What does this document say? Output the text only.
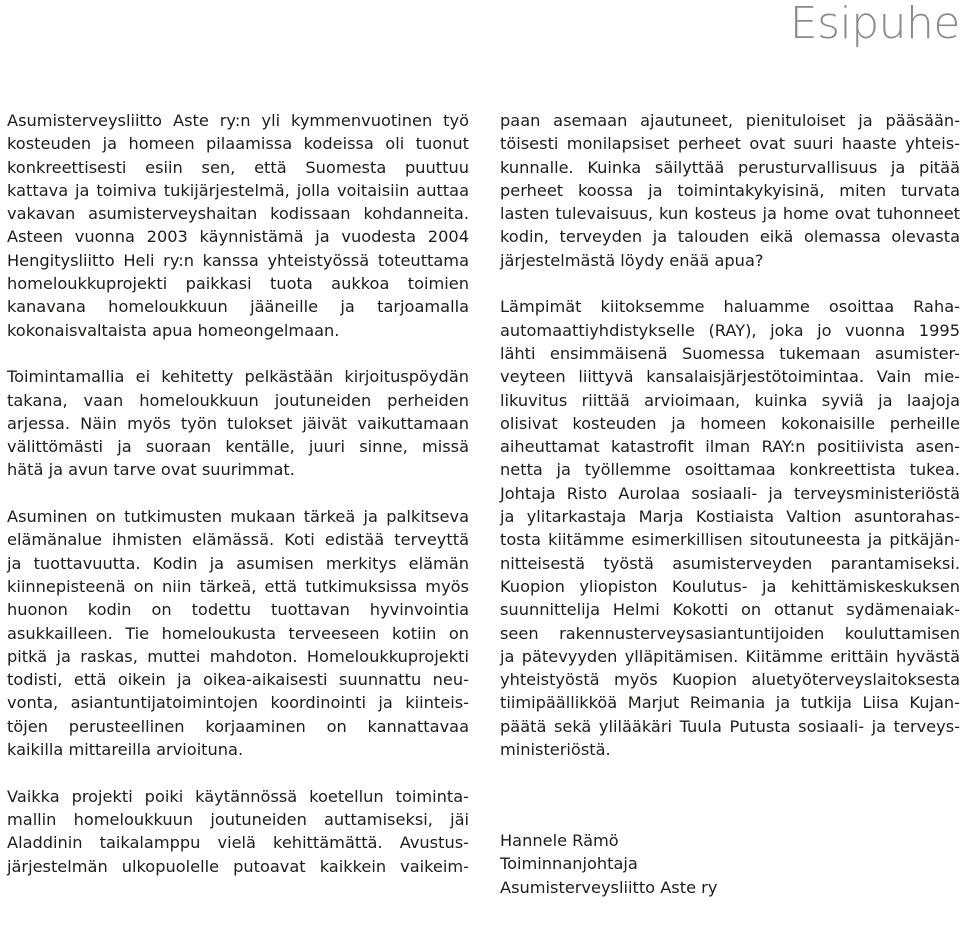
Esipuhe
Asumisterveysliitto Aste ry:n yli kymmenvuotinen työ
kosteuden ja homeen pilaamissa kodeissa oli tuonut
konkreettisesti esiin sen, että Suomesta puuttuu
kattava ja toimiva tukijärjestelmä, jolla voitaisiin auttaa
vakavan asumisterveyshaitan kodissaan kohdanneita.
Asteen vuonna 2003 käynnistämä ja vuodesta 2004
Hengitysliitto Heli ry:n kanssa yhteistyössä toteuttama
homeloukkuprojekti paikkasi tuota aukkoa toimien
kanavana homeloukkuun jääneille ja tarjoamalla
kokonaisvaltaista apua homeongelmaan.
Toimintamallia ei kehitetty pelkästään kirjoituspöydän
takana, vaan homeloukkuun joutuneiden perheiden
arjessa. Näin myös työn tulokset jäivät vaikuttamaan
välittömästi ja suoraan kentälle, juuri sinne, missä
hätä ja avun tarve ovat suurimmat.
Asuminen on tutkimusten mukaan tärkeä ja palkitseva
elämänalue ihmisten elämässä. Koti edistää terveyttä
ja tuottavuutta. Kodin ja asumisen merkitys elämän
kiinnepisteenä on niin tärkeä, että tutkimuksissa myös
huonon kodin on todettu tuottavan hyvinvointia
asukkailleen. Tie homeloukusta terveeseen kotiin on
pitkä ja raskas, muttei mahdoton. Homeloukkuprojekti
todisti, että oikein ja oikea-aikaisesti suunnattu neu-
vonta, asiantuntijatoimintojen koordinointi ja kiinteis-
töjen perusteellinen korjaaminen on kannattavaa
kaikilla mittareilla arvioituna.
Vaikka projekti poiki käytännössä koetellun toiminta-
mallin homeloukkuun joutuneiden auttamiseksi, jäi
Aladdinin taikalamppu vielä kehittämättä. Avustus-
järjestelmän ulkopuolelle putoavat kaikkein vaikeim-
paan asemaan ajautuneet, pienituloiset ja pääsään-
töisesti monilapsiset perheet ovat suuri haaste yhteis-
kunnalle. Kuinka säilyttää perusturvallisuus ja pitää
perheet koossa ja toimintakykyisinä, miten turvata
lasten tulevaisuus, kun kosteus ja home ovat tuhonneet
kodin, terveyden ja talouden eikä olemassa olevasta
järjestelmästä löydy enää apua?
Lämpimät kiitoksemme haluamme osoittaa Raha-
automaattiyhdistykselle (RAY), joka jo vuonna 1995
lähti ensimmäisenä Suomessa tukemaan asumister-
veyteen liittyvä kansalaisjärjestötoimintaa. Vain mie-
likuvitus riittää arvioimaan, kuinka syviä ja laajoja
olisivat kosteuden ja homeen kokonaisille perheille
aiheuttamat katastrofit ilman RAY:n positiivista asen-
netta ja työllemme osoittamaa konkreettista tukea.
Johtaja Risto Aurolaa sosiaali- ja terveysministeriöstä
ja ylitarkastaja Marja Kostiaista Valtion asuntorahas-
tosta kiitämme esimerkillisen sitoutuneesta ja pitkäjän-
nitteisestä työstä asumisterveyden parantamiseksi.
Kuopion yliopiston Koulutus- ja kehittämiskeskuksen
suunnittelija Helmi Kokotti on ottanut sydämenaiak-
seen rakennusterveysasiantuntijoiden kouluttamisen
ja pätevyyden ylläpitämisen. Kiitämme erittäin hyvästä
yhteistyöstä myös Kuopion aluetyöterveyslaitoksesta
tiimipäällikköä Marjut Reimania ja tutkija Liisa Kujan-
päätä sekä ylilääkäri Tuula Putusta sosiaali- ja terveys-
ministeriöstä.
Hannele Rämö
Toiminnanjohtaja
Asumisterveysliitto Aste ry
